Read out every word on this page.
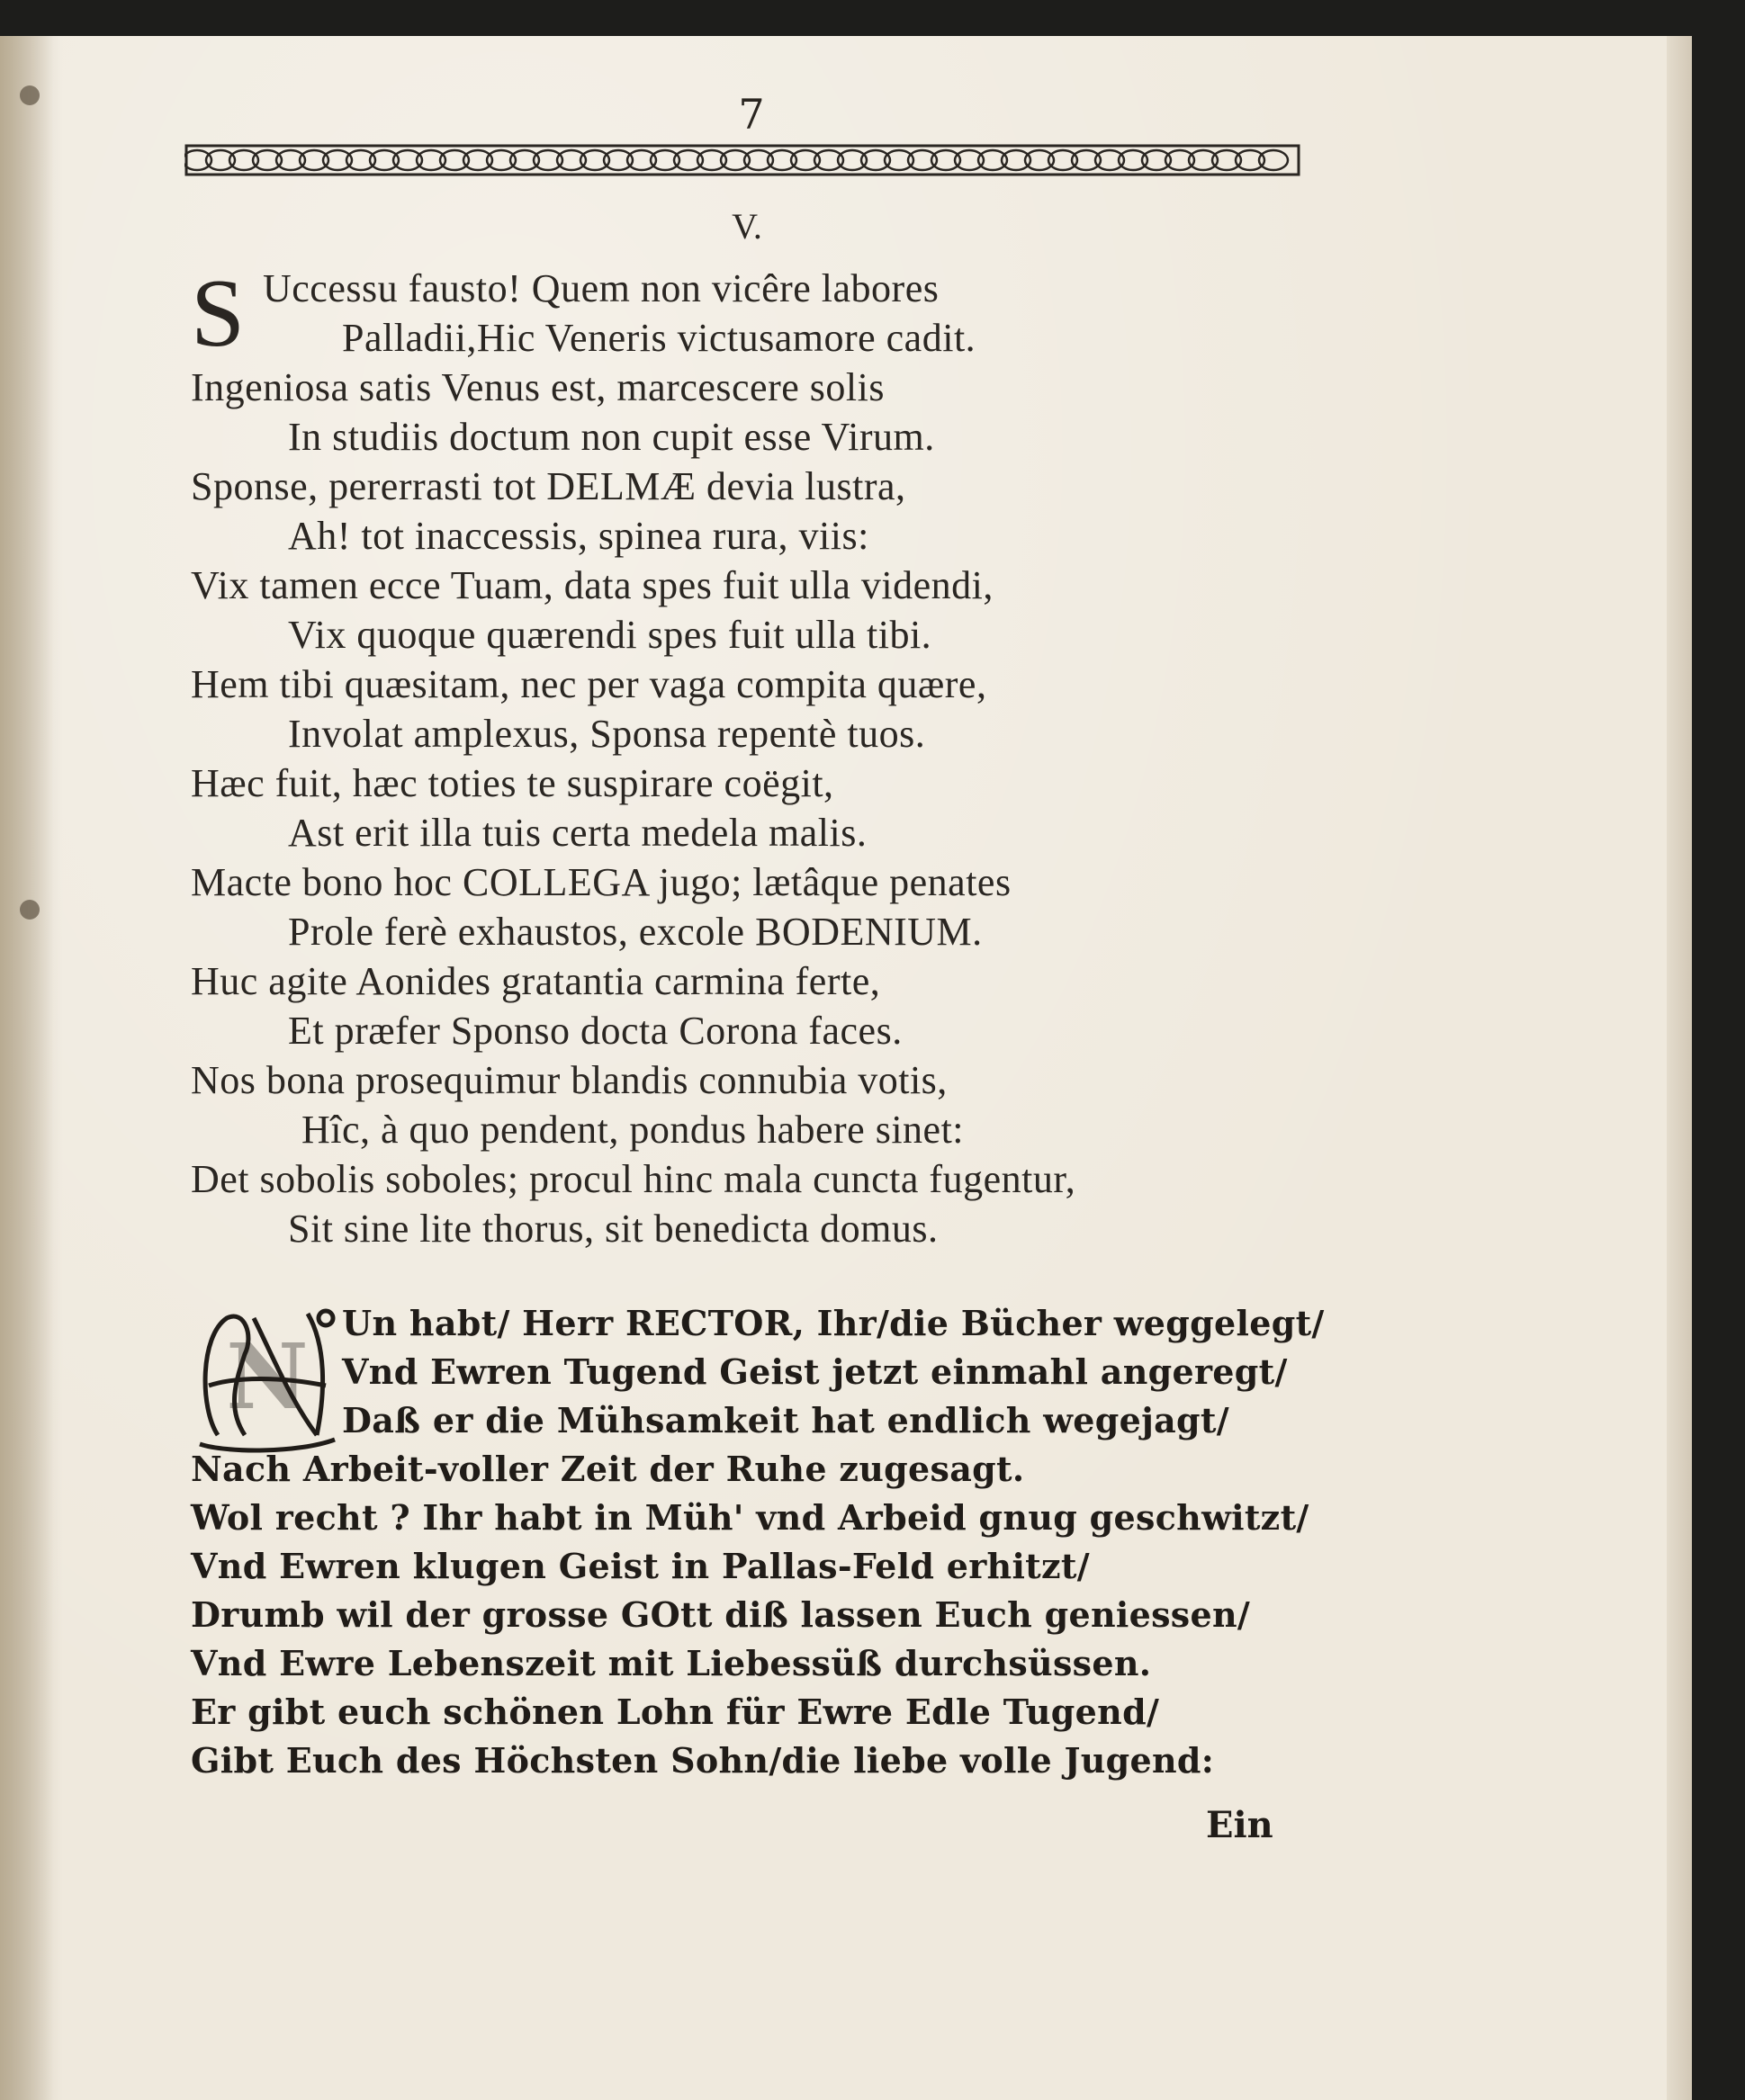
7
V.
S Uccessu fausto! Quem non vicêre labores
Palladii,Hic Veneris victusamore cadit.
Ingeniosa satis Venus est, marcescere solis
In studiis doctum non cupit esse Virum.
Sponse, pererrasti tot DELMÆ devia lustra,
Ah! tot inaccessis, spinea rura, viis:
Vix tamen ecce Tuam, data spes fuit ulla videndi,
Vix quoque quærendi spes fuit ulla tibi.
Hem tibi quæsitam, nec per vaga compita quære,
Involat amplexus, Sponsa repentè tuos.
Hæc fuit, hæc toties te suspirare coëgit,
Ast erit illa tuis certa medela malis.
Macte bono hoc COLLEGA jugo; lætâque penates
Prole ferè exhaustos, excole BODENIUM.
Huc agite Aonides gratantia carmina ferte,
Et præfer Sponso docta Corona faces.
Nos bona prosequimur blandis connubia votis,
Hîc, à quo pendent, pondus habere sinet:
Det sobolis soboles; procul hinc mala cuncta fugentur,
Sit sine lite thorus, sit benedicta domus.
N
Un habt/ Herr RECTOR, Ihr/die Bücher weggelegt/
Vnd Ewren Tugend Geist jetzt einmahl angeregt/
Daß er die Mühsamkeit hat endlich wegejagt/
Nach Arbeit-voller Zeit der Ruhe zugesagt.
Wol recht ? Ihr habt in Müh' vnd Arbeid gnug geschwitzt/
Vnd Ewren klugen Geist in Pallas-Feld erhitzt/
Drumb wil der grosse GOtt diß lassen Euch geniessen/
Vnd Ewre Lebenszeit mit Liebessüß durchsüssen.
Er gibt euch schönen Lohn für Ewre Edle Tugend/
Gibt Euch des Höchsten Sohn/die liebe volle Jugend:
Ein
